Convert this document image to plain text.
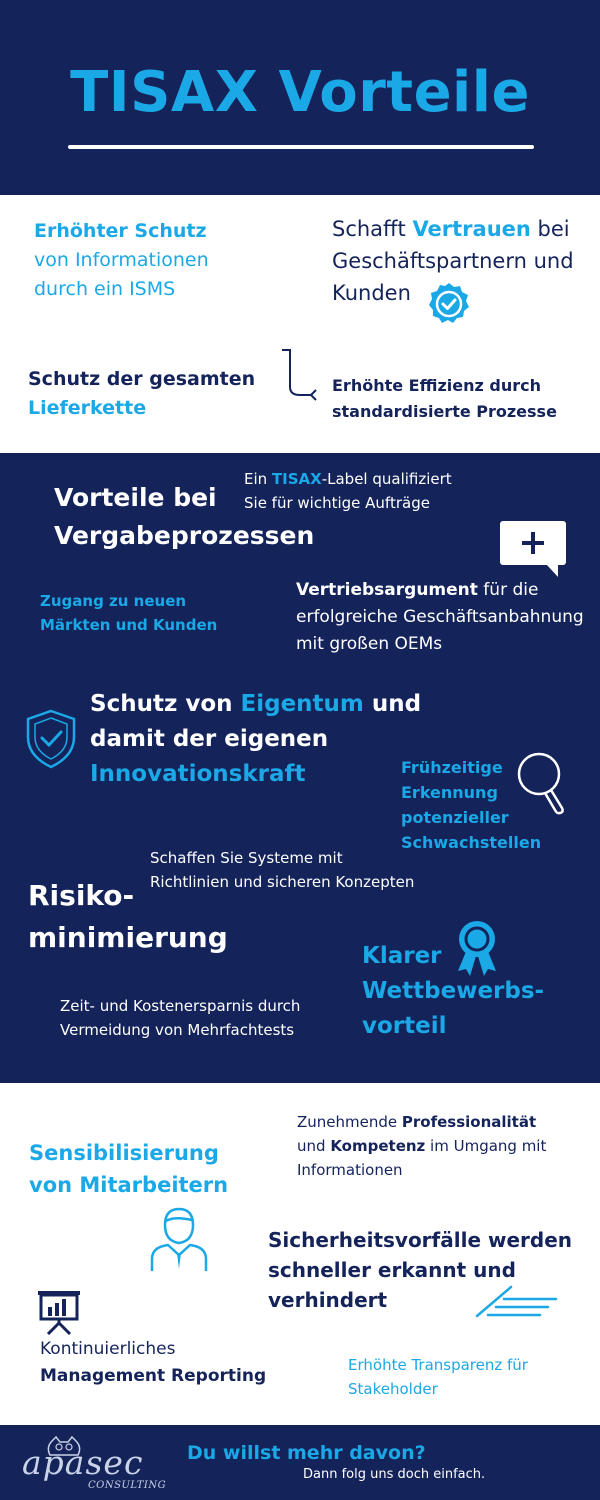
TISAX Vorteile

Erhöhter Schutz

von Informationen

durch ein ISMS

Schafft Vertrauen bei

Geschäftspartnern und

Kunden

Schutz der gesamten

Lieferkette

Erhöhte Effizienz durch

standardisierte Prozesse

Ein TISAX-Label qualifiziert

Sie für wichtige Aufträge

Vorteile bei

Vergabeprozessen

Zugang zu neuen

Märkten und Kunden

Vertriebsargument für die

erfolgreiche Geschäftsanbahnung

mit großen OEMs

Schutz von Eigentum und

damit der eigenen

Innovationskraft	Frühzeitige

Erkennung

potenzieller

Schwachstellen

Schaffen Sie Systeme mit

Richtlinien und sicheren Konzepten

Risiko-

minimierung

Klarer

Wettbewerbs-

vorteil

Zeit- und Kostenersparnis durch

Vermeidung von Mehrfachtests

Zunehmende Professionalität

und Kompetenz im Umgang mit

Informationen

Sensibilisierung

von Mitarbeitern

Sicherheitsvorfälle werden

schneller erkannt und

verhindert

Kontinuierliches

Management Reporting

Erhöhte Transparenz für

Stakeholder

apasec
CONSULTING
Du willst mehr davon?
Dann folg uns doch einfach.
